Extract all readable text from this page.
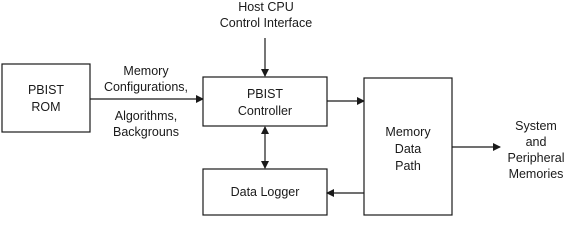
Host CPU
Control Interface
PBIST
ROM
Memory
Configurations,
Algorithms,
Backgrouns
PBIST
Controller
Data Logger
Memory
Data
Path
System
and
Peripheral
Memories
